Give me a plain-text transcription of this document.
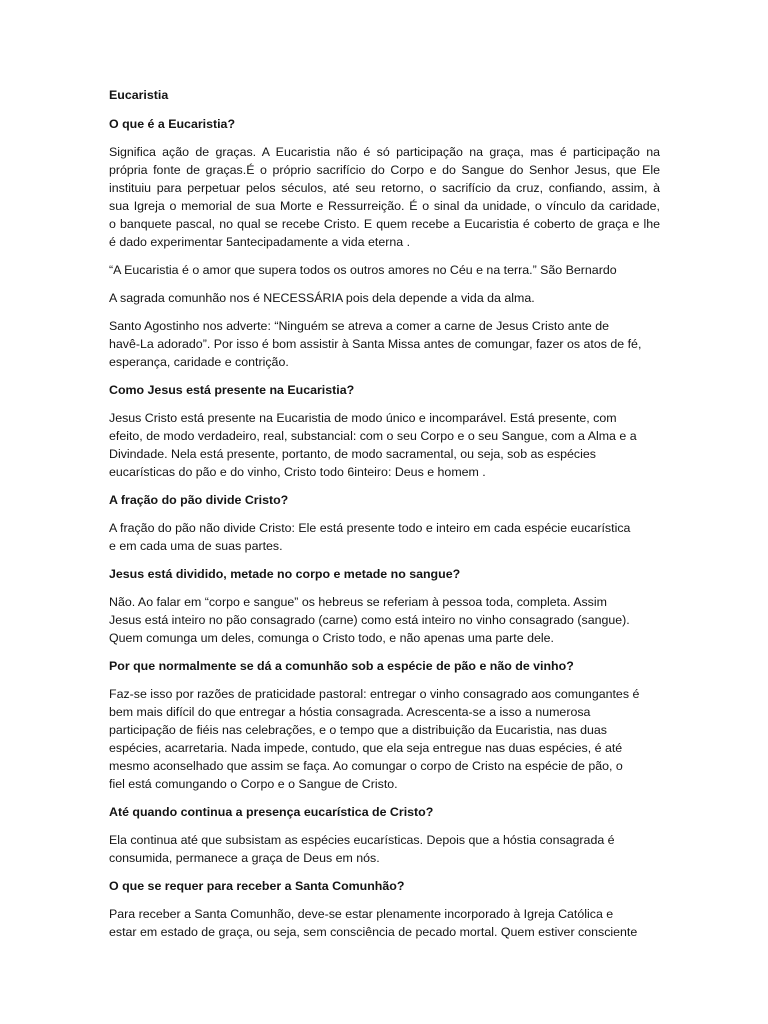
Eucaristia
O que é a Eucaristia?
Significa ação de graças. A Eucaristia não é só participação na graça, mas é participação na
própria fonte de graças.É o próprio sacrifício do Corpo e do Sangue do Senhor Jesus, que Ele
instituiu para perpetuar pelos séculos, até seu retorno, o sacrifício da cruz, confiando, assim, à
sua Igreja o memorial de sua Morte e Ressurreição. É o sinal da unidade, o vínculo da caridade,
o banquete pascal, no qual se recebe Cristo. E quem recebe a Eucaristia é coberto de graça e lhe
é dado experimentar 5antecipadamente a vida eterna .
“A Eucaristia é o amor que supera todos os outros amores no Céu e na terra.” São Bernardo
A sagrada comunhão nos é NECESSÁRIA pois dela depende a vida da alma.
Santo Agostinho nos adverte: “Ninguém se atreva a comer a carne de Jesus Cristo ante de
havê-La adorado”. Por isso é bom assistir à Santa Missa antes de comungar, fazer os atos de fé,
esperança, caridade e contrição.
Como Jesus está presente na Eucaristia?
Jesus Cristo está presente na Eucaristia de modo único e incomparável. Está presente, com
efeito, de modo verdadeiro, real, substancial: com o seu Corpo e o seu Sangue, com a Alma e a
Divindade. Nela está presente, portanto, de modo sacramental, ou seja, sob as espécies
eucarísticas do pão e do vinho, Cristo todo 6inteiro: Deus e homem .
A fração do pão divide Cristo?
A fração do pão não divide Cristo: Ele está presente todo e inteiro em cada espécie eucarística
e em cada uma de suas partes.
Jesus está dividido, metade no corpo e metade no sangue?
Não. Ao falar em “corpo e sangue” os hebreus se referiam à pessoa toda, completa. Assim
Jesus está inteiro no pão consagrado (carne) como está inteiro no vinho consagrado (sangue).
Quem comunga um deles, comunga o Cristo todo, e não apenas uma parte dele.
Por que normalmente se dá a comunhão sob a espécie de pão e não de vinho?
Faz-se isso por razões de praticidade pastoral: entregar o vinho consagrado aos comungantes é
bem mais difícil do que entregar a hóstia consagrada. Acrescenta-se a isso a numerosa
participação de fiéis nas celebrações, e o tempo que a distribuição da Eucaristia, nas duas
espécies, acarretaria. Nada impede, contudo, que ela seja entregue nas duas espécies, é até
mesmo aconselhado que assim se faça. Ao comungar o corpo de Cristo na espécie de pão, o
fiel está comungando o Corpo e o Sangue de Cristo.
Até quando continua a presença eucarística de Cristo?
Ela continua até que subsistam as espécies eucarísticas. Depois que a hóstia consagrada é
consumida, permanece a graça de Deus em nós.
O que se requer para receber a Santa Comunhão?
Para receber a Santa Comunhão, deve-se estar plenamente incorporado à Igreja Católica e
estar em estado de graça, ou seja, sem consciência de pecado mortal. Quem estiver consciente
